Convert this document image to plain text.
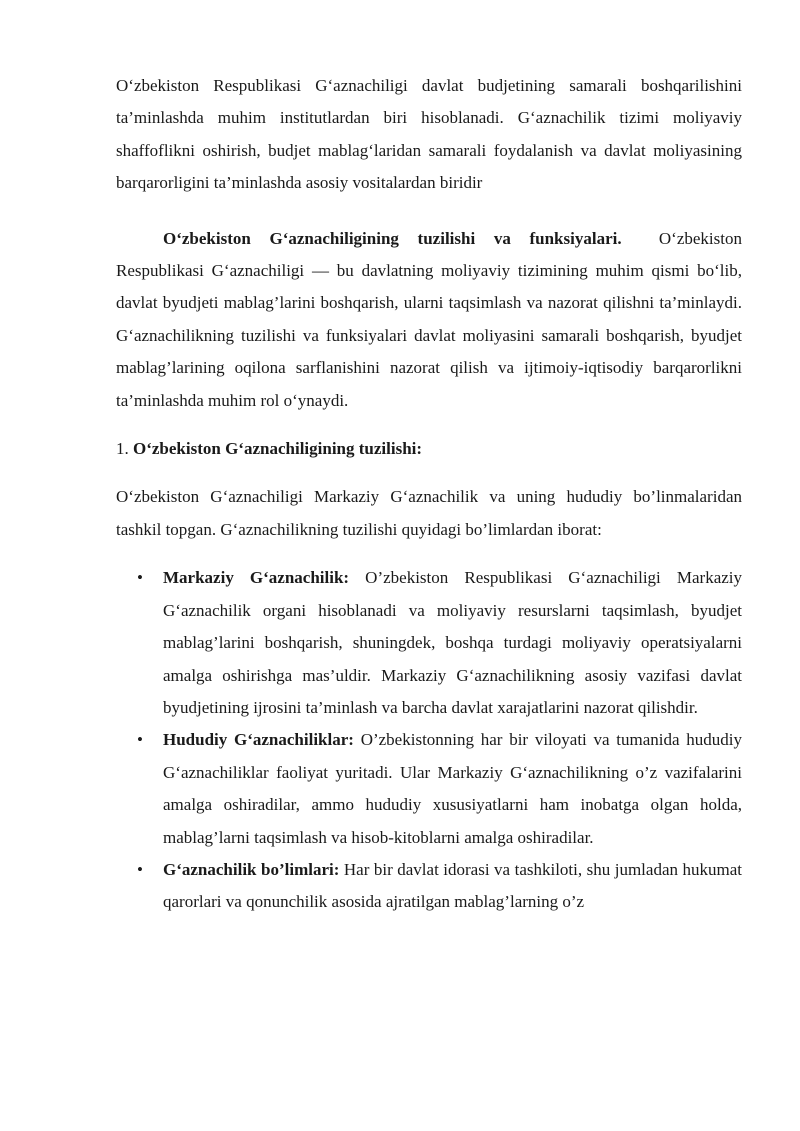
O‘zbekiston Respublikasi G‘aznachiligi davlat budjetining samarali boshqarilishini ta’minlashda muhim institutlardan biri hisoblanadi. G‘aznachilik tizimi moliyaviy shaffoflikni oshirish, budjet mablag‘laridan samarali foydalanish va davlat moliyasining barqarorligini ta’minlashda asosiy vositalardan biridir

O‘zbekiston G‘aznachiligining tuzilishi va funksiyalari. O‘zbekiston Respublikasi G‘aznachiligi — bu davlatning moliyaviy tizimining muhim qismi bo‘lib, davlat byudjeti mablag’larini boshqarish, ularni taqsimlash va nazorat qilishni ta’minlaydi. G‘aznachilikning tuzilishi va funksiyalari davlat moliyasini samarali boshqarish, byudjet mablag’larining oqilona sarflanishini nazorat qilish va ijtimoiy-iqtisodiy barqarorlikni ta’minlashda muhim rol o‘ynaydi.

1. O‘zbekiston G‘aznachiligining tuzilishi:

O‘zbekiston G‘aznachiligi Markaziy G‘aznachilik va uning hududiy bo’linmalaridan tashkil topgan. G‘aznachilikning tuzilishi quyidagi bo’limlardan iborat:

• Markaziy G‘aznachilik: O’zbekiston Respublikasi G‘aznachiligi Markaziy G‘aznachilik organi hisoblanadi va moliyaviy resurslarni taqsimlash, byudjet mablag’larini boshqarish, shuningdek, boshqa turdagi moliyaviy operatsiyalarni amalga oshirishga mas’uldir. Markaziy G‘aznachilikning asosiy vazifasi davlat byudjetining ijrosini ta’minlash va barcha davlat xarajatlarini nazorat qilishdir.
• Hududiy G‘aznachiliklar: O’zbekistonning har bir viloyati va tumanida hududiy G‘aznachiliklar faoliyat yuritadi. Ular Markaziy G‘aznachilikning o’z vazifalarini amalga oshiradilar, ammo hududiy xususiyatlarni ham inobatga olgan holda, mablag’larni taqsimlash va hisob-kitoblarni amalga oshiradilar.
• G‘aznachilik bo’limlari: Har bir davlat idorasi va tashkiloti, shu jumladan hukumat qarorlari va qonunchilik asosida ajratilgan mablag’larning o’z
